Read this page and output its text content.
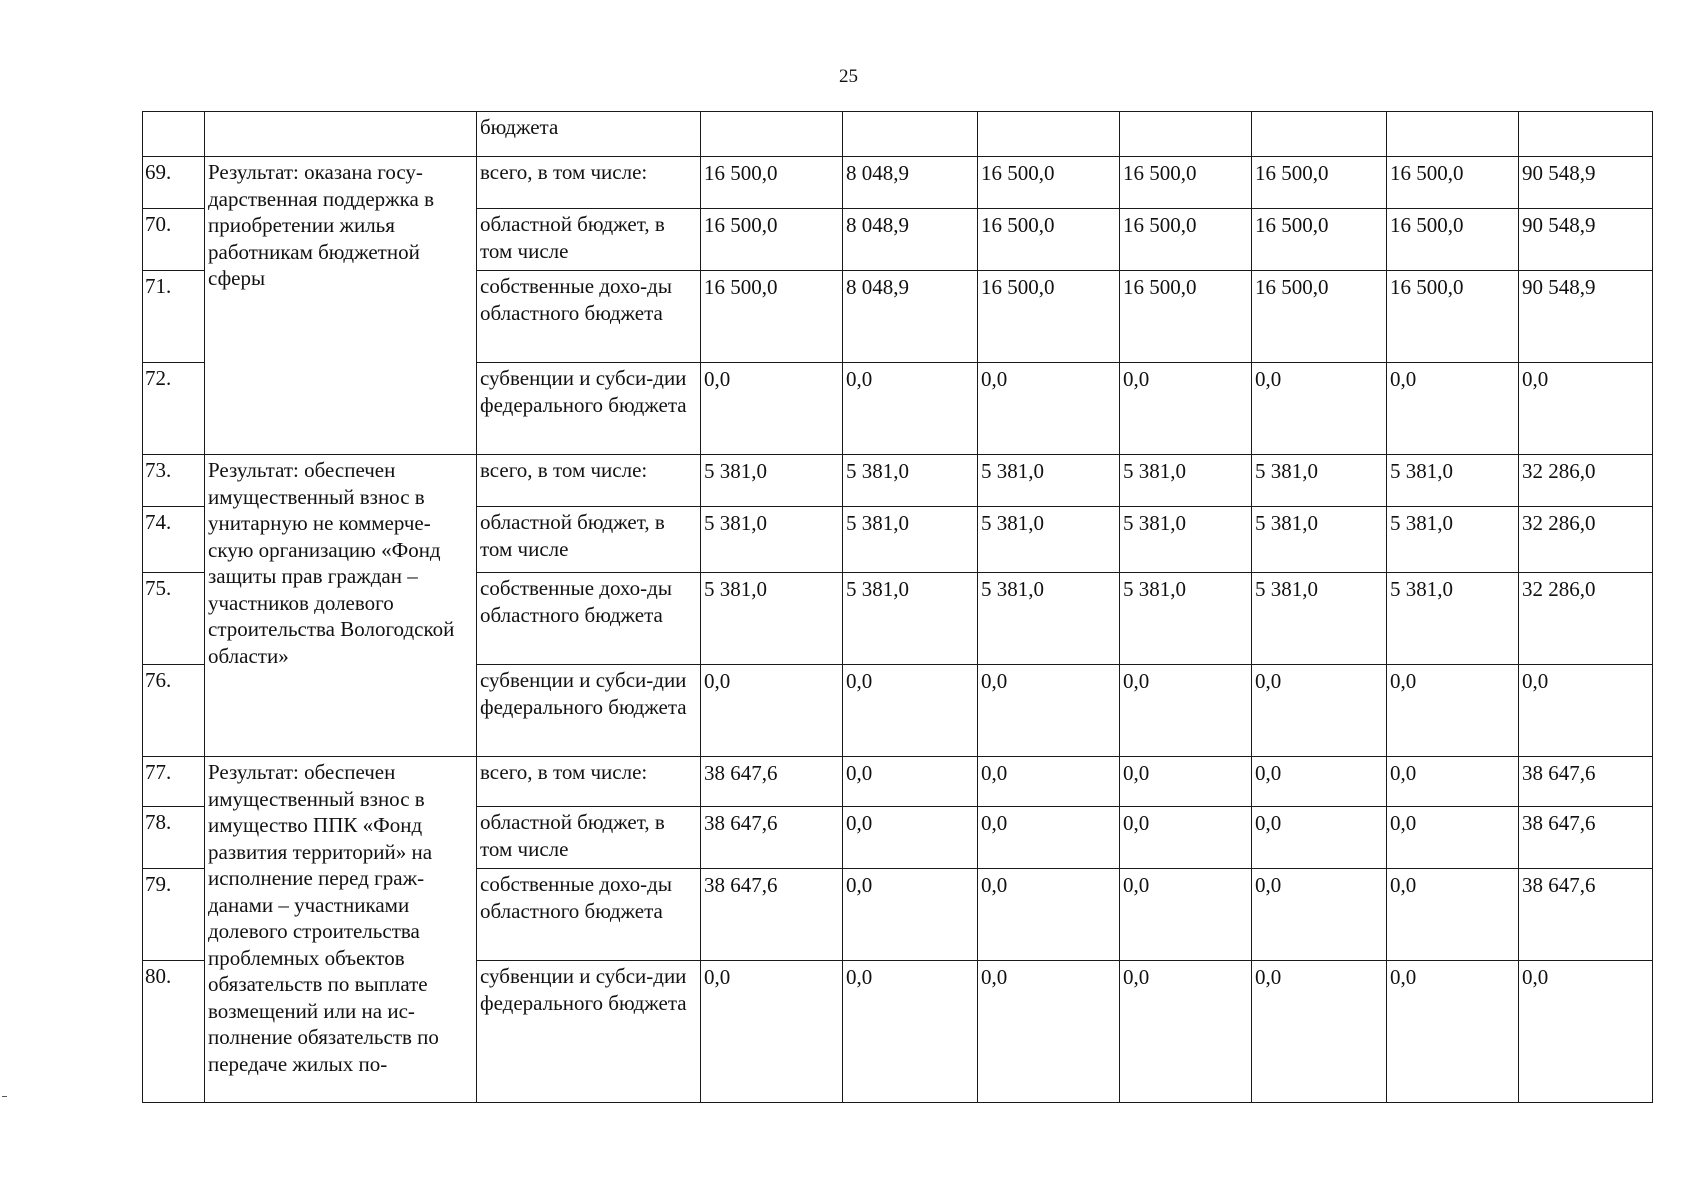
25
		бюджета							
69.	Результат: оказана госу-дарственная поддержка в приобретении жилья работникам бюджетной сферы	всего, в том числе:	16 500,0	8 048,9	16 500,0	16 500,0	16 500,0	16 500,0	90 548,9
70.		областной бюджет, в том числе	16 500,0	8 048,9	16 500,0	16 500,0	16 500,0	16 500,0	90 548,9
71.		собственные дохо-ды областного бюджета	16 500,0	8 048,9	16 500,0	16 500,0	16 500,0	16 500,0	90 548,9
72.		субвенции и субси-дии федерального бюджета	0,0	0,0	0,0	0,0	0,0	0,0	0,0
73.	Результат: обеспечен имущественный взнос в унитарную не коммерче-скую организацию «Фонд защиты прав граждан – участников долевого строительства Вологодской области»	всего, в том числе:	5 381,0	5 381,0	5 381,0	5 381,0	5 381,0	5 381,0	32 286,0
74.		областной бюджет, в том числе	5 381,0	5 381,0	5 381,0	5 381,0	5 381,0	5 381,0	32 286,0
75.		собственные дохо-ды областного бюджета	5 381,0	5 381,0	5 381,0	5 381,0	5 381,0	5 381,0	32 286,0
76.		субвенции и субси-дии федерального бюджета	0,0	0,0	0,0	0,0	0,0	0,0	0,0
77.	Результат: обеспечен имущественный взнос в имущество ППК «Фонд развития территорий» на исполнение перед граж-данами – участниками долевого строительства проблемных объектов обязательств по выплате возмещений или на ис-полнение обязательств по передаче жилых по-	всего, в том числе:	38 647,6	0,0	0,0	0,0	0,0	0,0	38 647,6
78.		областной бюджет, в том числе	38 647,6	0,0	0,0	0,0	0,0	0,0	38 647,6
79.		собственные дохо-ды областного бюджета	38 647,6	0,0	0,0	0,0	0,0	0,0	38 647,6
80.		субвенции и субси-дии федерального бюджета	0,0	0,0	0,0	0,0	0,0	0,0	0,0
